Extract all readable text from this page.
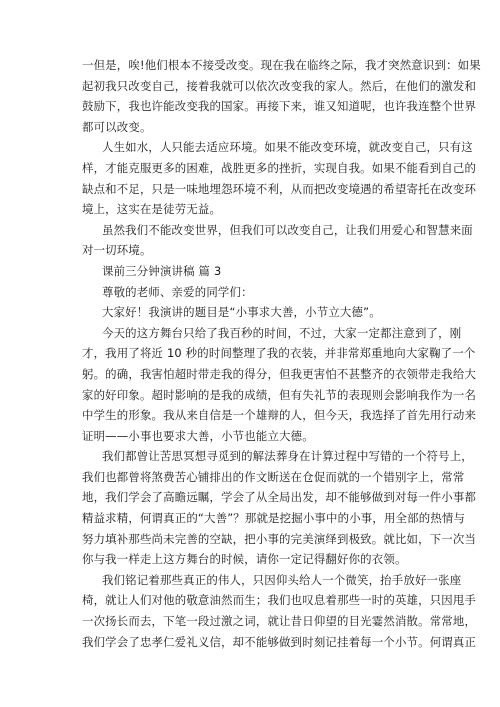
一但是，唉!他们根本不接受改变。现在我在临终之际，我才突然意识到：如果
起初我只改变自己，接着我就可以依次改变我的家人。然后，在他们的激发和
鼓励下，我也许能改变我的国家。再接下来，谁又知道呢，也许我连整个世界
都可以改变。
人生如水，人只能去适应环境。如果不能改变环境，就改变自己，只有这
样，才能克服更多的困难，战胜更多的挫折，实现自我。如果不能看到自己的
缺点和不足，只是一味地埋怨环境不利，从而把改变境遇的希望寄托在改变环
境上，这实在是徒劳无益。
虽然我们不能改变世界，但我们可以改变自己，让我们用爱心和智慧来面
对一切环境。
课前三分钟演讲稿 篇 3
尊敬的老师、亲爱的同学们：
大家好！我演讲的题目是“小事求大善，小节立大德”。
今天的这方舞台只给了我百秒的时间，不过，大家一定都注意到了，刚
才，我用了将近 10 秒的时间整理了我的衣装，并非常郑重地向大家鞠了一个
躬。的确，我害怕超时带走我的得分，但我更害怕不甚整齐的衣领带走我给大
家的好印象。超时影响的是我的成绩，但有失礼节的表现则会影响我作为一名
中学生的形象。我从来自信是一个雄辩的人，但今天，我选择了首先用行动来
证明——小事也要求大善，小节也能立大德。
我们都曾让苦思冥想寻觅到的解法葬身在计算过程中写错的一个符号上，
我们也都曾将煞费苦心铺排出的作文断送在仓促而就的一个错别字上，常常
地，我们学会了高瞻远瞩，学会了从全局出发，却不能够做到对每一件小事都
精益求精，何谓真正的“大善”？那就是挖掘小事中的小事，用全部的热情与
努力填补那些尚未完善的空缺，把小事的完美演绎到极致。就比如，下一次当
你与我一样走上这方舞台的时候，请你一定记得翻好你的衣领。
我们铭记着那些真正的伟人，只因仰头给人一个微笑，抬手放好一张座
椅，就让人们对他的敬意油然而生；我们也叹息着那些一时的英雄，只因甩手
一次扬长而去，下笔一段过激之词，就让昔日仰望的目光霎然消散。常常地，
我们学会了忠孝仁爱礼义信，却不能够做到时刻记挂着每一个小节。何谓真正
